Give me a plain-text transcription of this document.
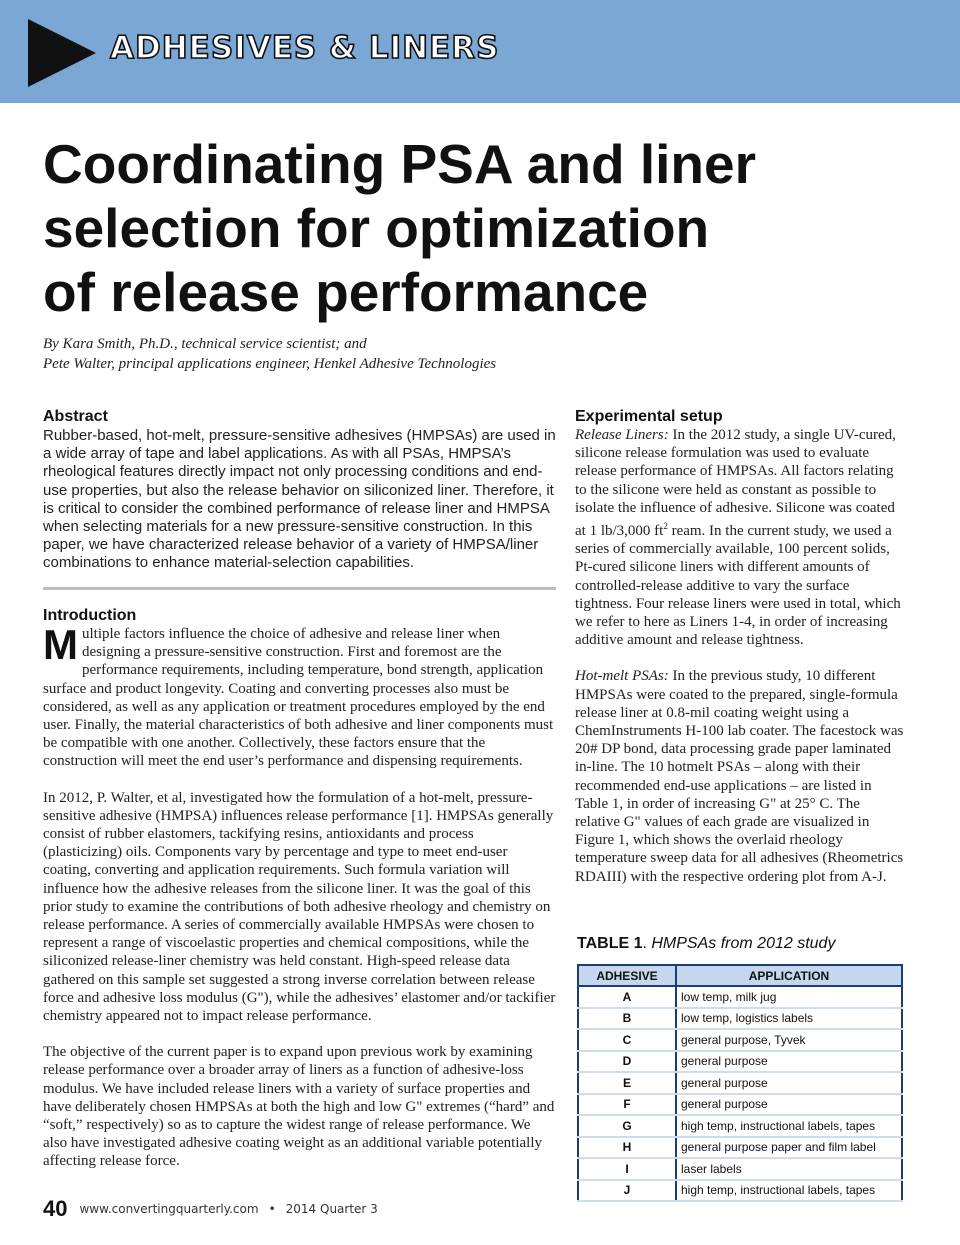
ADHESIVES & LINERS
Coordinating PSA and liner
selection for optimization
of release performance
By Kara Smith, Ph.D., technical service scientist; and
Pete Walter, principal applications engineer, Henkel Adhesive Technologies
Abstract

Rubber-based, hot-melt, pressure-sensitive adhesives (HMPSAs) are used in a wide array of tape and label applications. As with all PSAs, HMPSA’s rheological features directly impact not only processing conditions and end-use properties, but also the release behavior on siliconized liner. Therefore, it is critical to consider the combined performance of release liner and HMPSA when selecting materials for a new pressure-sensitive construction. In this paper, we have characterized release behavior of a variety of HMPSA/liner combinations to enhance material-selection capabilities.

Introduction

Multiple factors influence the choice of adhesive and release liner when designing a pressure-sensitive construction. First and foremost are the performance requirements, including temperature, bond strength, application surface and product longevity. Coating and converting processes also must be considered, as well as any application or treatment procedures employed by the end user. Finally, the material characteristics of both adhesive and liner components must be compatible with one another. Collectively, these factors ensure that the construction will meet the end user’s performance and dispensing requirements.

In 2012, P. Walter, et al, investigated how the formulation of a hot-melt, pressure-sensitive adhesive (HMPSA) influences release performance [1]. HMPSAs generally consist of rubber elastomers, tackifying resins, antioxidants and process (plasticizing) oils. Components vary by percentage and type to meet end-user coating, converting and application requirements. Such formula variation will influence how the adhesive releases from the silicone liner. It was the goal of this prior study to examine the contributions of both adhesive rheology and chemistry on release performance. A series of commercially available HMPSAs were chosen to represent a range of viscoelastic properties and chemical compositions, while the siliconized release-liner chemistry was held constant. High-speed release data gathered on this sample set suggested a strong inverse correlation between release force and adhesive loss modulus (G"), while the adhesives’ elastomer and/or tackifier chemistry appeared not to impact release performance.

The objective of the current paper is to expand upon previous work by examining release performance over a broader array of liners as a function of adhesive-loss modulus. We have included release liners with a variety of surface properties and have deliberately chosen HMPSAs at both the high and low G" extremes (“hard” and “soft,” respectively) so as to capture the widest range of release performance. We also have investigated adhesive coating weight as an additional variable potentially affecting release force.

Experimental setup

Release Liners: In the 2012 study, a single UV-cured, silicone release formulation was used to evaluate release performance of HMPSAs. All factors relating to the silicone were held as constant as possible to isolate the influence of adhesive. Silicone was coated at 1 lb/3,000 $ft^2$ ream. In the current study, we used a series of commercially available, 100 percent solids, Pt-cured silicone liners with different amounts of controlled-release additive to vary the surface tightness. Four release liners were used in total, which we refer to here as Liners 1-4, in order of increasing additive amount and release tightness.

Hot-melt PSAs: In the previous study, 10 different HMPSAs were coated to the prepared, single-formula release liner at 0.8-mil coating weight using a ChemInstruments H-100 lab coater. The facestock was 20# DP bond, data processing grade paper laminated in-line. The 10 hotmelt PSAs – along with their recommended end-use applications – are listed in Table 1, in order of increasing G" at 25° C. The relative G" values of each grade are visualized in Figure 1, which shows the overlaid rheology temperature sweep data for all adhesives (Rheometrics RDAIII) with the respective ordering plot from A-J.

TABLE 1. HMPSAs from 2012 study
ADHESIVE	APPLICATION
A	low temp, milk jug
B	low temp, logistics labels
C	general purpose, Tyvek
D	general purpose
E	general purpose
F	general purpose
G	high temp, instructional labels, tapes
H	general purpose paper and film label
I	laser labels
J	high temp, instructional labels, tapes
40 www.convertingquarterly.com • 2014 Quarter 3
